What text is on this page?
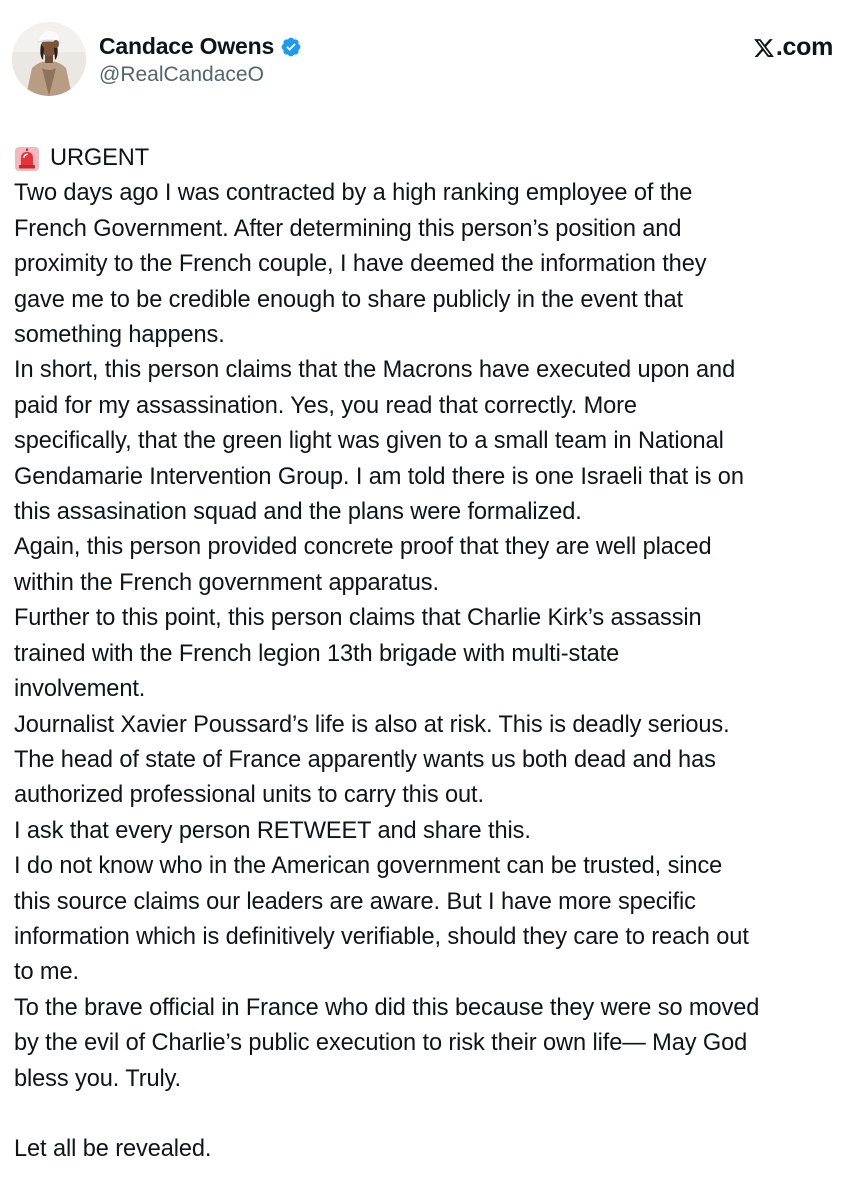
Candace Owens
@RealCandaceO
.com

URGENT

Two days ago I was contracted by a high ranking employee of the

French Government. After determining this person’s position and

proximity to the French couple, I have deemed the information they

gave me to be credible enough to share publicly in the event that

something happens.

In short, this person claims that the Macrons have executed upon and

paid for my assassination. Yes, you read that correctly. More

specifically, that the green light was given to a small team in National

Gendamarie Intervention Group. I am told there is one Israeli that is on

this assasination squad and the plans were formalized.

Again, this person provided concrete proof that they are well placed

within the French government apparatus.

Further to this point, this person claims that Charlie Kirk’s assassin

trained with the French legion 13th brigade with multi-state

involvement.

Journalist Xavier Poussard’s life is also at risk. This is deadly serious.

The head of state of France apparently wants us both dead and has

authorized professional units to carry this out.

I ask that every person RETWEET and share this.

I do not know who in the American government can be trusted, since

this source claims our leaders are aware. But I have more specific

information which is definitively verifiable, should they care to reach out

to me.

To the brave official in France who did this because they were so moved

by the evil of Charlie’s public execution to risk their own life— May God

bless you. Truly.

Let all be revealed.
